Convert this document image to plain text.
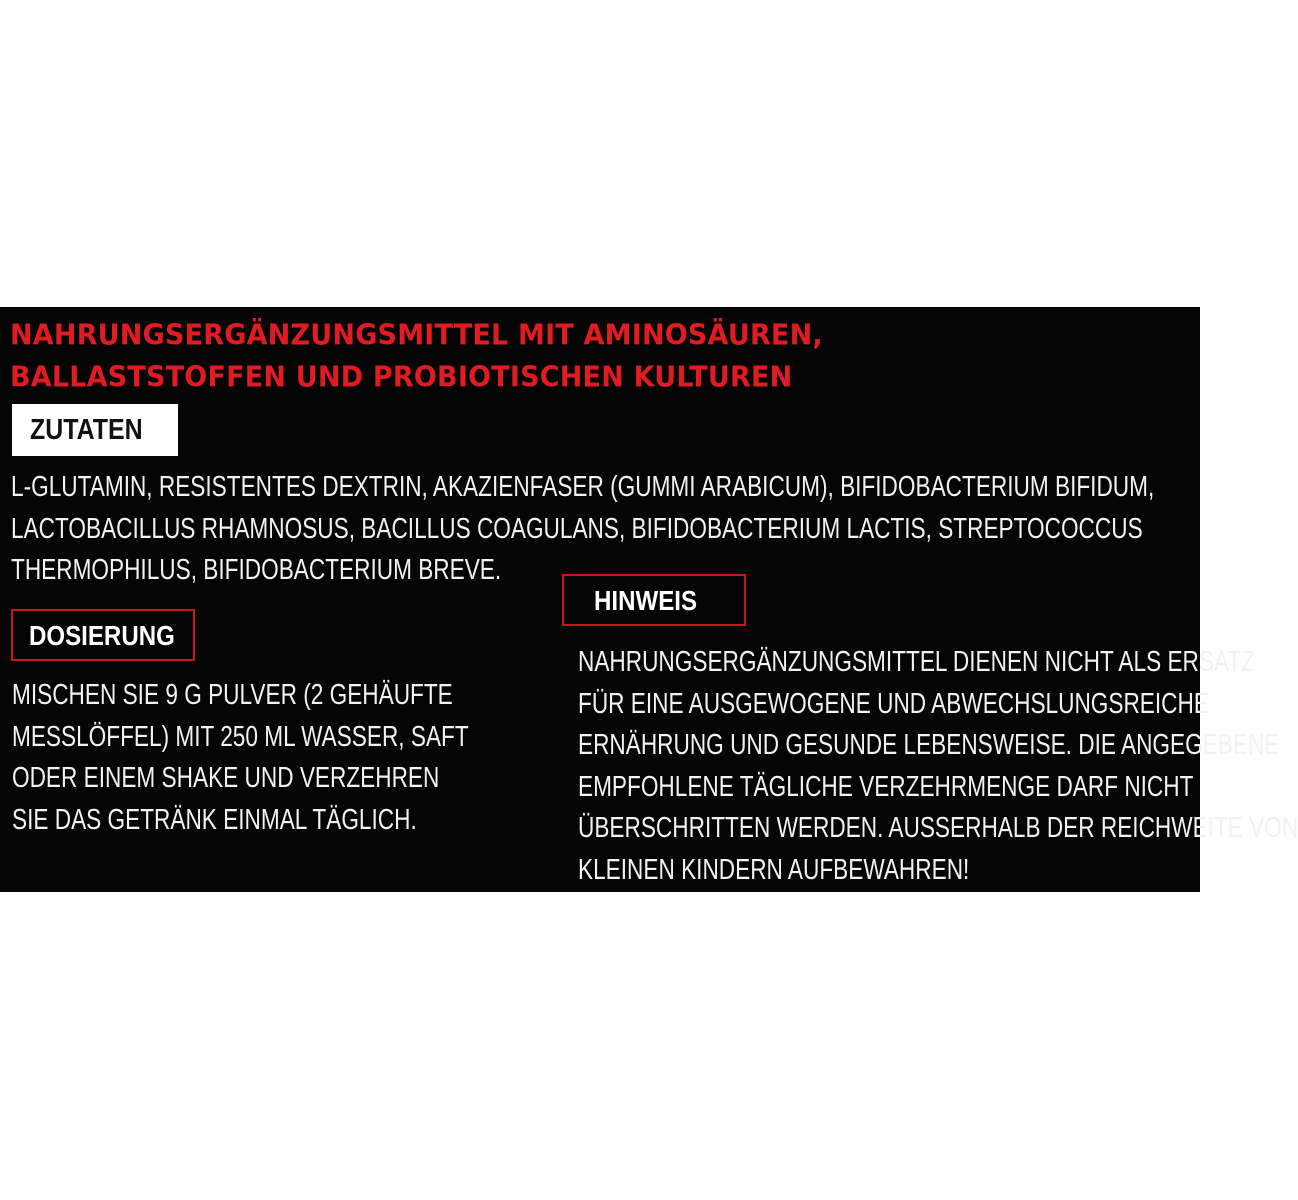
NAHRUNGSERGÄNZUNGSMITTEL MIT AMINOSÄUREN,
BALLASTSTOFFEN UND PROBIOTISCHEN KULTUREN
ZUTATEN

L-GLUTAMIN, RESISTENTES DEXTRIN, AKAZIENFASER (GUMMI ARABICUM), BIFIDOBACTERIUM BIFIDUM,
LACTOBACILLUS RHAMNOSUS, BACILLUS COAGULANS, BIFIDOBACTERIUM LACTIS, STREPTOCOCCUS
THERMOPHILUS, BIFIDOBACTERIUM BREVE.

DOSIERUNG

MISCHEN SIE 9 G PULVER (2 GEHÄUFTE
MESSLÖFFEL) MIT 250 ML WASSER, SAFT
ODER EINEM SHAKE UND VERZEHREN
SIE DAS GETRÄNK EINMAL TÄGLICH.

HINWEIS

NAHRUNGSERGÄNZUNGSMITTEL DIENEN NICHT ALS ERSATZ
FÜR EINE AUSGEWOGENE UND ABWECHSLUNGSREICHE
ERNÄHRUNG UND GESUNDE LEBENSWEISE. DIE ANGEGEBENE
EMPFOHLENE TÄGLICHE VERZEHRMENGE DARF NICHT
ÜBERSCHRITTEN WERDEN. AUSSERHALB DER REICHWEITE VON
KLEINEN KINDERN AUFBEWAHREN!
